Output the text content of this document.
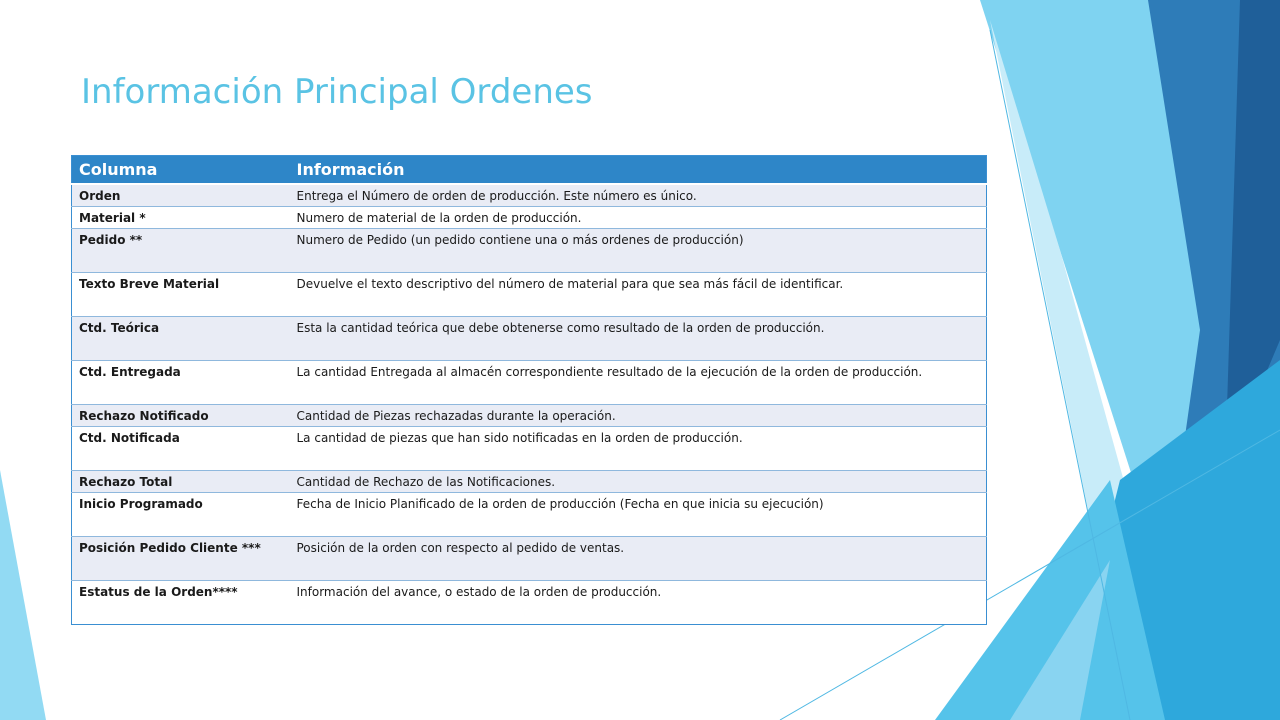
Información Principal Ordenes
Columna	Información
Orden	Entrega el Número de orden de producción. Este número es único.
Material *	Numero de material de la orden de producción.
Pedido **	Numero de Pedido (un pedido contiene una o más ordenes de producción)
Texto Breve Material	Devuelve el texto descriptivo del número de material para que sea más fácil de identificar.
Ctd. Teórica	Esta la cantidad teórica que debe obtenerse como resultado de la orden de producción.
Ctd. Entregada	La cantidad Entregada al almacén correspondiente resultado de la ejecución de la orden de producción.
Rechazo Notificado	Cantidad de Piezas rechazadas durante la operación.
Ctd. Notificada	La cantidad de piezas que han sido notificadas en la orden de producción.
Rechazo Total	Cantidad de Rechazo de las Notificaciones.
Inicio Programado	Fecha de Inicio Planificado de la orden de producción (Fecha en que inicia su ejecución)
Posición Pedido Cliente ***	Posición de la orden con respecto al pedido de ventas.
Estatus de la Orden****	Información del avance, o estado de la orden de producción.
